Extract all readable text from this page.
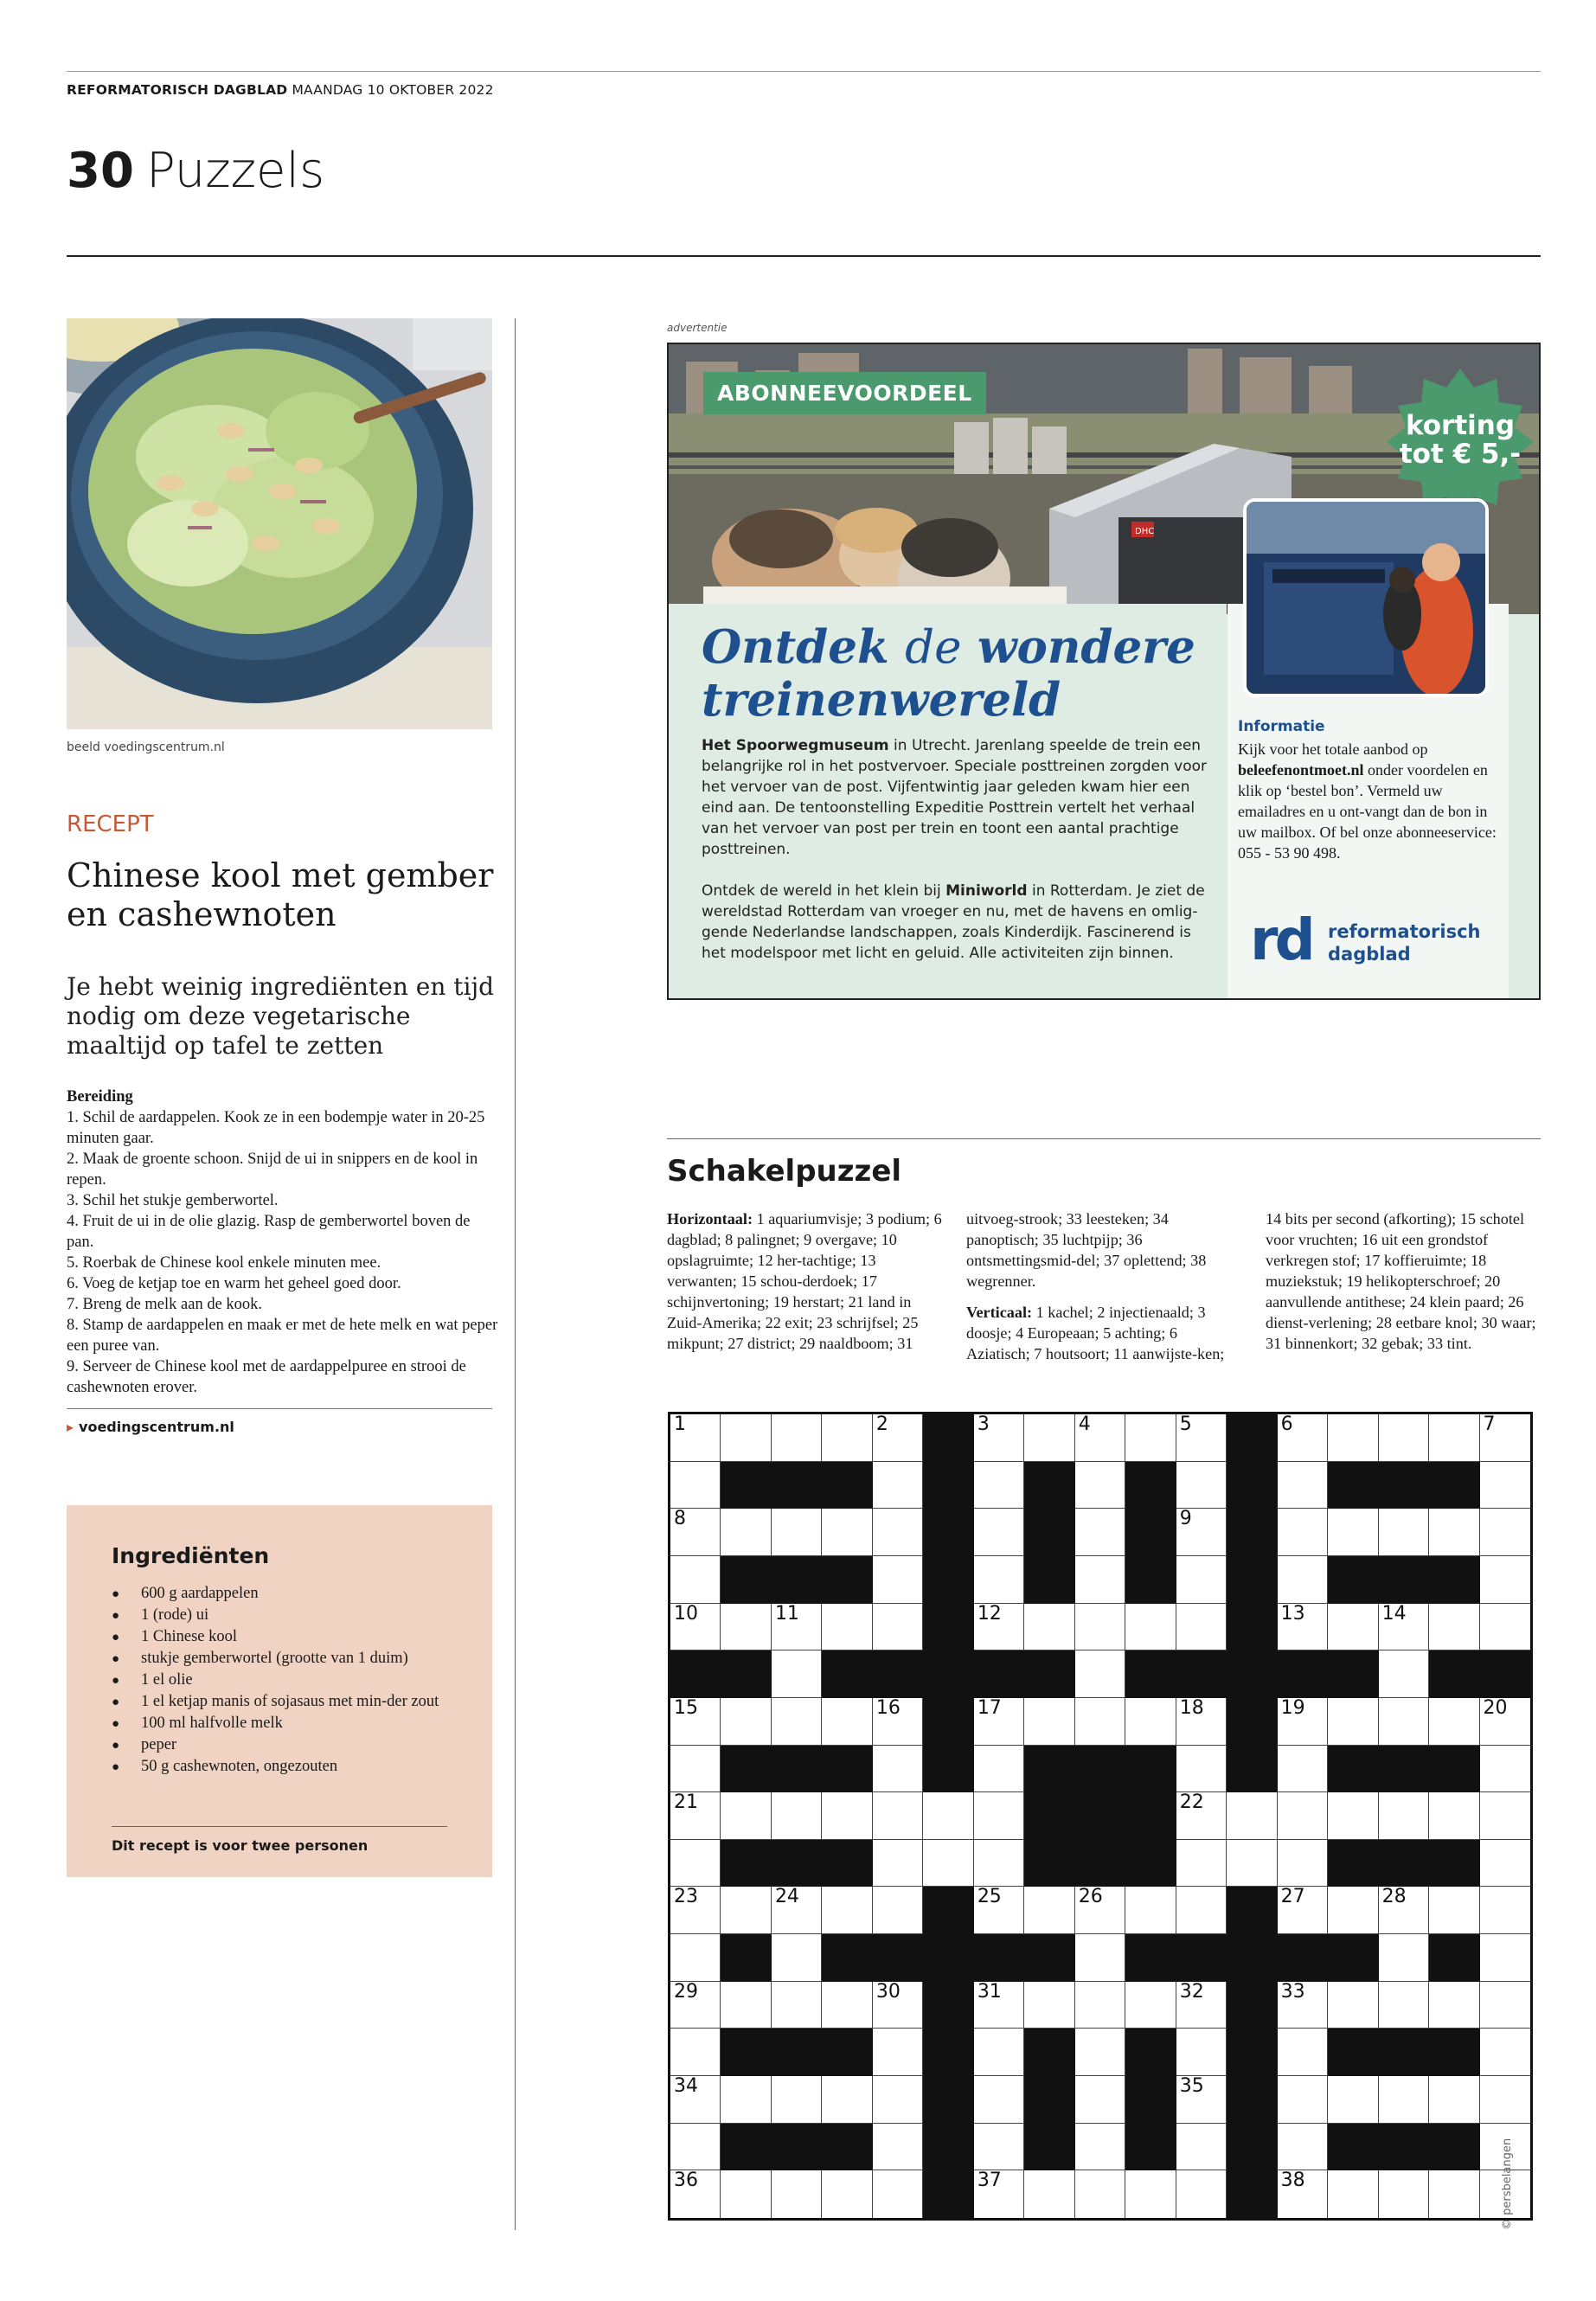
REFORMATORISCH DAGBLAD MAANDAG 10 OKTOBER 2022
30 Puzzels
beeld voedingscentrum.nl
RECEPT
Chinese kool met gember en cashewnoten
Je hebt weinig ingrediënten en tijd nodig om deze vegetarische maaltijd op tafel te zetten
Bereiding
1. Schil de aardappelen. Kook ze in een bodempje water in 20-25 minuten gaar.
2. Maak de groente schoon. Snijd de ui in snippers en de kool in repen.
3. Schil het stukje gemberwortel.
4. Fruit de ui in de olie glazig. Rasp de gemberwortel boven de pan.
5. Roerbak de Chinese kool enkele minuten mee.
6. Voeg de ketjap toe en warm het geheel goed door.
7. Breng de melk aan de kook.
8. Stamp de aardappelen en maak er met de hete melk en wat peper een puree van.
9. Serveer de Chinese kool met de aardappelpuree en strooi de cashewnoten erover.
▸ voedingscentrum.nl
Ingrediënten
● 600 g aardappelen
● 1 (rode) ui
● 1 Chinese kool
● stukje gemberwortel (grootte van 1 duim)
● 1 el olie
● 1 el ketjap manis of sojasaus met min-der zout
● 100 ml halfvolle melk
● peper
● 50 g cashewnoten, ongezouten
Dit recept is voor twee personen
advertentie
DHC
ABONNEEVOORDEEL
korting
tot € 5,-
Ontdek de wondere treinenwereld
Het Spoorwegmuseum in Utrecht. Jarenlang speelde de trein een belangrijke rol in het postvervoer. Speciale posttreinen zorgden voor het vervoer van de post. Vijfentwintig jaar geleden kwam hier een eind aan. De tentoonstelling Expeditie Posttrein vertelt het verhaal van het vervoer van post per trein en toont een aantal prachtige posttreinen.
Ontdek de wereld in het klein bij Miniworld in Rotterdam. Je ziet de wereldstad Rotterdam van vroeger en nu, met de havens en omlig-gende Nederlandse landschappen, zoals Kinderdijk. Fascinerend is het modelspoor met licht en geluid. Alle activiteiten zijn binnen.
Informatie
Kijk voor het totale aanbod op beleefenontmoet.nl onder voordelen en klik op ‘bestel bon’. Vermeld uw emailadres en u ont-vangt dan de bon in uw mailbox. Of bel onze abonneeservice: 055 - 53 90 498.
rd reformatorisch
dagblad
Schakelpuzzel

Horizontaal: 1 aquariumvisje; 3 podium; 6 dagblad; 8 palingnet; 9 overgave; 10 opslagruimte; 12 her-tachtige; 13 verwanten; 15 schou-derdoek; 17 schijnvertoning; 19 herstart; 21 land in Zuid-Amerika; 22 exit; 23 schrijfsel; 25 mikpunt; 27 district; 29 naaldboom; 31 uitvoeg-strook; 33 leesteken; 34 panoptisch; 35 luchtpijp; 36 ontsmettingsmid-del; 37 oplettend; 38 wegrenner.

Verticaal: 1 kachel; 2 injectienaald; 3 doosje; 4 Europeaan; 5 achting; 6 Aziatisch; 7 houtsoort; 11 aanwijste-ken; 14 bits per second (afkorting); 15 schotel voor vruchten; 16 uit een grondstof verkregen stof; 17 koffieruimte; 18 muziekstuk; 19 helikopterschroef; 20 aanvullende antithese; 24 klein paard; 26 dienst-verlening; 28 eetbare knol; 30 waar; 31 binnenkort; 32 gebak; 33 tint.

1	2	3	4	5	6	7
8	9
10	11	12	13	14
15	16	17	18	19	20
21	22
23	24	25	26	27	28
29	30	31	32	33
34	35
36	37	38	© persbelangen
